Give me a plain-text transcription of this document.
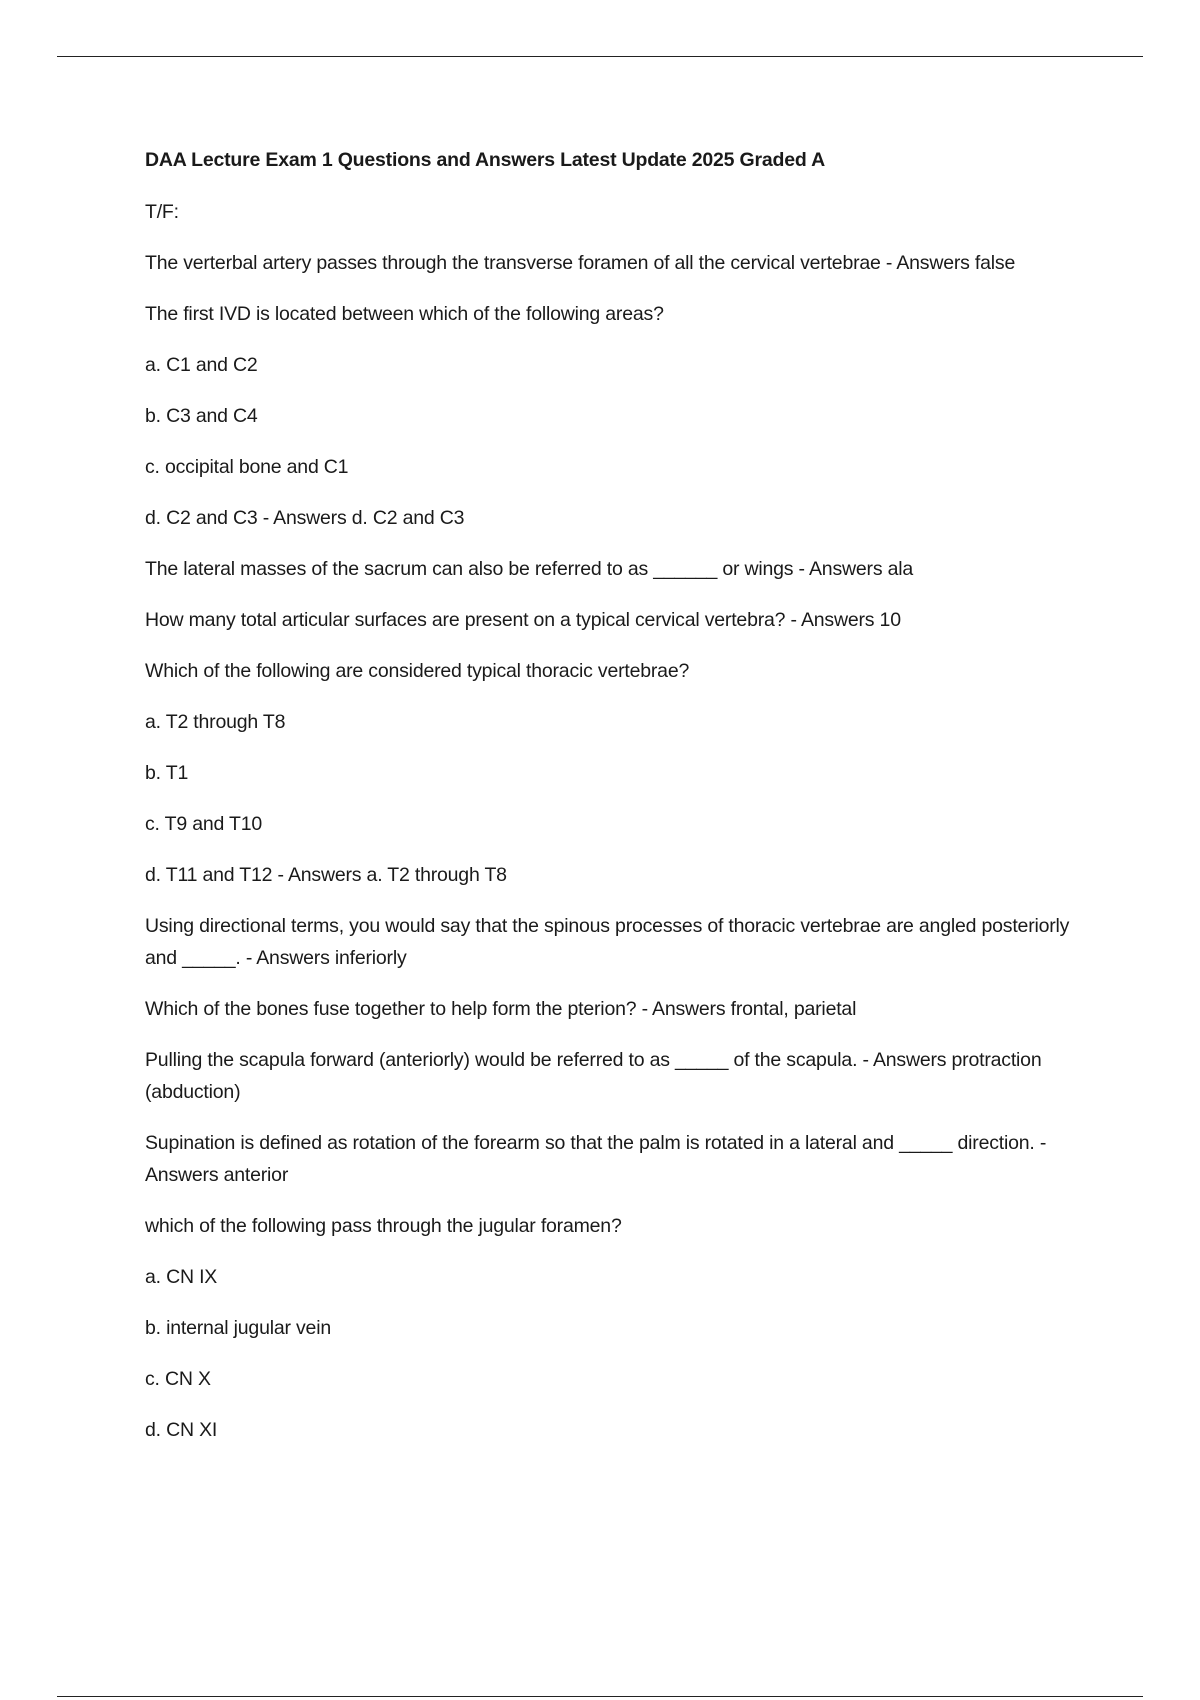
DAA Lecture Exam 1 Questions and Answers Latest Update 2025 Graded A

T/F:

The verterbal artery passes through the transverse foramen of all the cervical vertebrae - Answers false

The first IVD is located between which of the following areas?

a. C1 and C2

b. C3 and C4

c. occipital bone and C1

d. C2 and C3 - Answers d. C2 and C3

The lateral masses of the sacrum can also be referred to as ______ or wings - Answers ala

How many total articular surfaces are present on a typical cervical vertebra? - Answers 10

Which of the following are considered typical thoracic vertebrae?

a. T2 through T8

b. T1

c. T9 and T10

d. T11 and T12 - Answers a. T2 through T8

Using directional terms, you would say that the spinous processes of thoracic vertebrae are angled posteriorly and _____. - Answers inferiorly

Which of the bones fuse together to help form the pterion? - Answers frontal, parietal

Pulling the scapula forward (anteriorly) would be referred to as _____ of the scapula. - Answers protraction (abduction)

Supination is defined as rotation of the forearm so that the palm is rotated in a lateral and _____ direction. - Answers anterior

which of the following pass through the jugular foramen?

a. CN IX

b. internal jugular vein

c. CN X

d. CN XI
